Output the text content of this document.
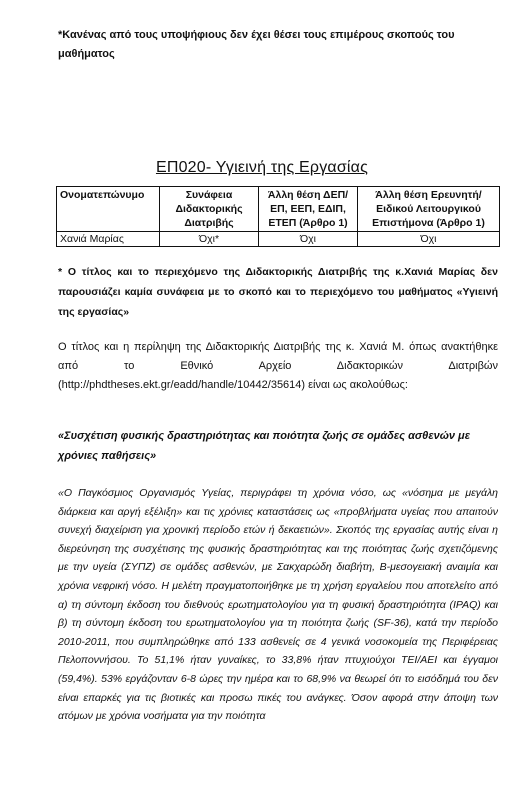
*Κανένας από τους υποψήφιους δεν έχει θέσει τους επιμέρους σκοπούς του μαθήματος
ΕΠ020- Υγιεινή της Εργασίας
Ονοματεπώνυμο	Συνάφεια Διδακτορικής Διατριβής	Άλλη θέση ΔΕΠ/ΕΠ, ΕΕΠ, ΕΔΙΠ, ΕΤΕΠ (Άρθρο 1)	Άλλη θέση Ερευνητή/ Ειδικού Λειτουργικού Επιστήμονα (Άρθρο 1)
Χανιά Μαρίας	Όχι*	Όχι	Όχι
* Ο τίτλος και το περιεχόμενο της Διδακτορικής Διατριβής της κ.Χανιά Μαρίας δεν παρουσιάζει καμία συνάφεια με το σκοπό και το περιεχόμενο του μαθήματος «Υγιεινή της εργασίας»
Ο τίτλος και η περίληψη της Διδακτορικής Διατριβής της κ. Χανιά Μ. όπως ανακτήθηκε από το Εθνικό Αρχείο Διδακτορικών Διατριβών (http://phdtheses.ekt.gr/eadd/handle/10442/35614) είναι ως ακολούθως:
«Συσχέτιση φυσικής δραστηριότητας και ποιότητα ζωής σε ομάδες ασθενών με χρόνιες παθήσεις»
«Ο Παγκόσμιος Οργανισμός Υγείας, περιγράφει τη χρόνια νόσο, ως «νόσημα με μεγάλη διάρκεια και αργή εξέλιξη» και τις χρόνιες καταστάσεις ως «προβλήματα υγείας που απαιτούν συνεχή διαχείριση για χρονική περίοδο ετών ή δεκαετιών». Σκοπός της εργασίας αυτής είναι η διερεύνηση της συσχέτισης της φυσικής δραστηριότητας και της ποιότητας ζωής σχετιζόμενης με την υγεία (ΣΥΠΖ) σε ομάδες ασθενών, με Σακχαρώδη διαβήτη, Β-μεσογειακή αναιμία και χρόνια νεφρική νόσο. Η μελέτη πραγματοποιήθηκε με τη χρήση εργαλείου που αποτελείτο από α) τη σύντομη έκδοση του διεθνούς ερωτηματολογίου για τη φυσική δραστηριότητα (IPAQ) και β) τη σύντομη έκδοση του ερωτηματολογίου για τη ποιότητα ζωής (SF-36), κατά την περίοδο 2010-2011, που συμπληρώθηκε από 133 ασθενείς σε 4 γενικά νοσοκομεία της Περιφέρειας Πελοποννήσου. Το 51,1% ήταν γυναίκες, το 33,8% ήταν πτυχιούχοι ΤΕΙ/ΑΕΙ και έγγαμοι (59,4%). 53% εργάζονταν 6-8 ώρες την ημέρα και το 68,9% να θεωρεί ότι το εισόδημά του δεν είναι επαρκές για τις βιοτικές και προσω πικές του ανάγκες. Όσον αφορά στην άποψη των ατόμων με χρόνια νοσήματα για την ποιότητα
